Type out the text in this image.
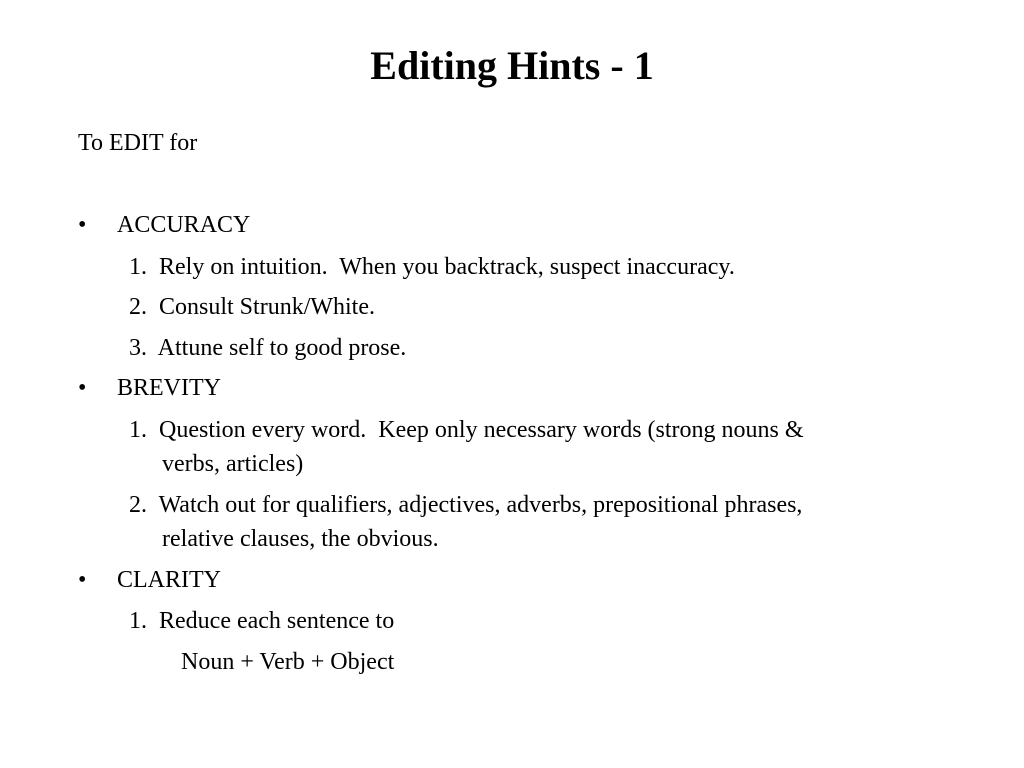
Editing Hints - 1
To EDIT for
• ACCURACY
1.  Rely on intuition.  When you backtrack, suspect inaccuracy.
2.  Consult Strunk/White.
3.  Attune self to good prose.
• BREVITY
1.  Question every word.  Keep only necessary words (strong nouns &
verbs, articles)
2.  Watch out for qualifiers, adjectives, adverbs, prepositional phrases,
relative clauses, the obvious.
• CLARITY
1.  Reduce each sentence to
Noun + Verb + Object
